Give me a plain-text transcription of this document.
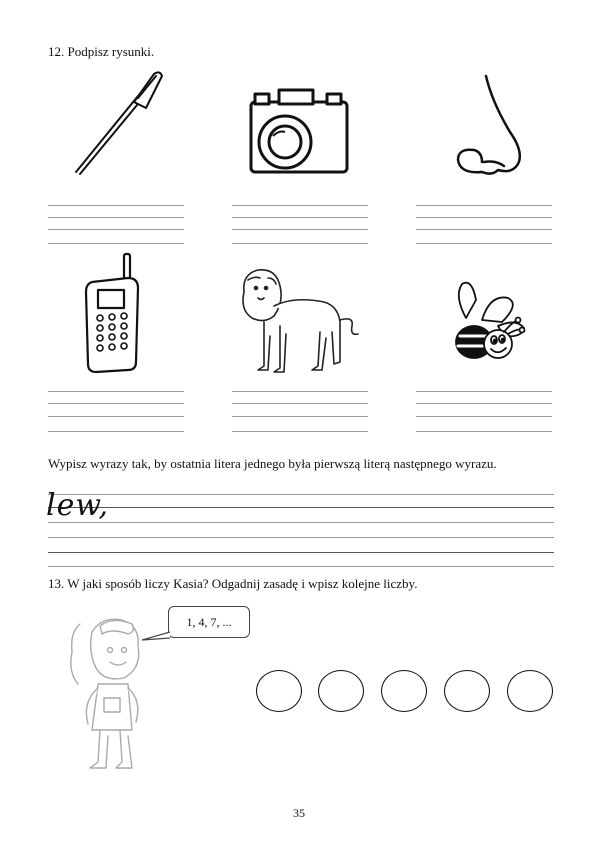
12. Podpisz rysunki.
Wypisz wyrazy tak, by ostatnia litera jednego była pierwszą literą następnego wyrazu.
lew,
13. W jaki sposób liczy Kasia? Odgadnij zasadę i wpisz kolejne liczby.
1, 4, 7, ...
35
